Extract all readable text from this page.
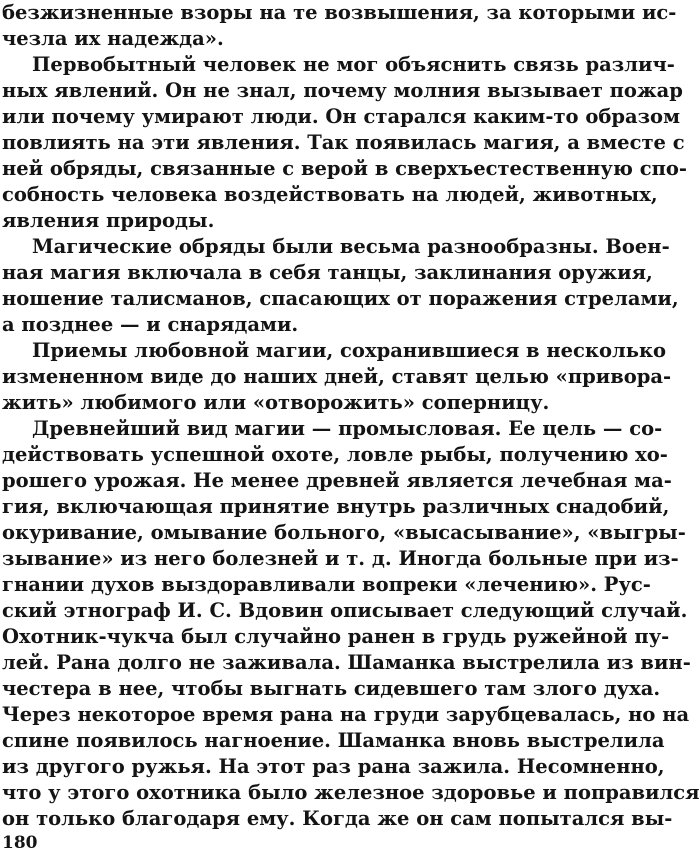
безжизненные взоры на те возвышения, за которыми ис-
чезла их надежда».
Первобытный человек не мог объяснить связь различ-
ных явлений. Он не знал, почему молния вызывает пожар
или почему умирают люди. Он старался каким-то образом
повлиять на эти явления. Так появилась магия, а вместе с
ней обряды, связанные с верой в сверхъестественную спо-
собность человека воздействовать на людей, животных,
явления природы.
Магические обряды были весьма разнообразны. Воен-
ная магия включала в себя танцы, заклинания оружия,
ношение талисманов, спасающих от поражения стрелами,
а позднее — и снарядами.
Приемы любовной магии, сохранившиеся в несколько
измененном виде до наших дней, ставят целью «привора-
жить» любимого или «отворожить» соперницу.
Древнейший вид магии — промысловая. Ее цель — со-
действовать успешной охоте, ловле рыбы, получению хо-
рошего урожая. Не менее древней является лечебная ма-
гия, включающая принятие внутрь различных снадобий,
окуривание, омывание больного, «высасывание», «выгры-
зывание» из него болезней и т. д. Иногда больные при из-
гнании духов выздоравливали вопреки «лечению». Рус-
ский этнограф И. С. Вдовин описывает следующий случай.
Охотник-чукча был случайно ранен в грудь ружейной пу-
лей. Рана долго не заживала. Шаманка выстрелила из вин-
честера в нее, чтобы выгнать сидевшего там злого духа.
Через некоторое время рана на груди зарубцевалась, но на
спине появилось нагноение. Шаманка вновь выстрелила
из другого ружья. На этот раз рана зажила. Несомненно,
что у этого охотника было железное здоровье и поправился
он только благодаря ему. Когда же он сам попытался вы-
180
